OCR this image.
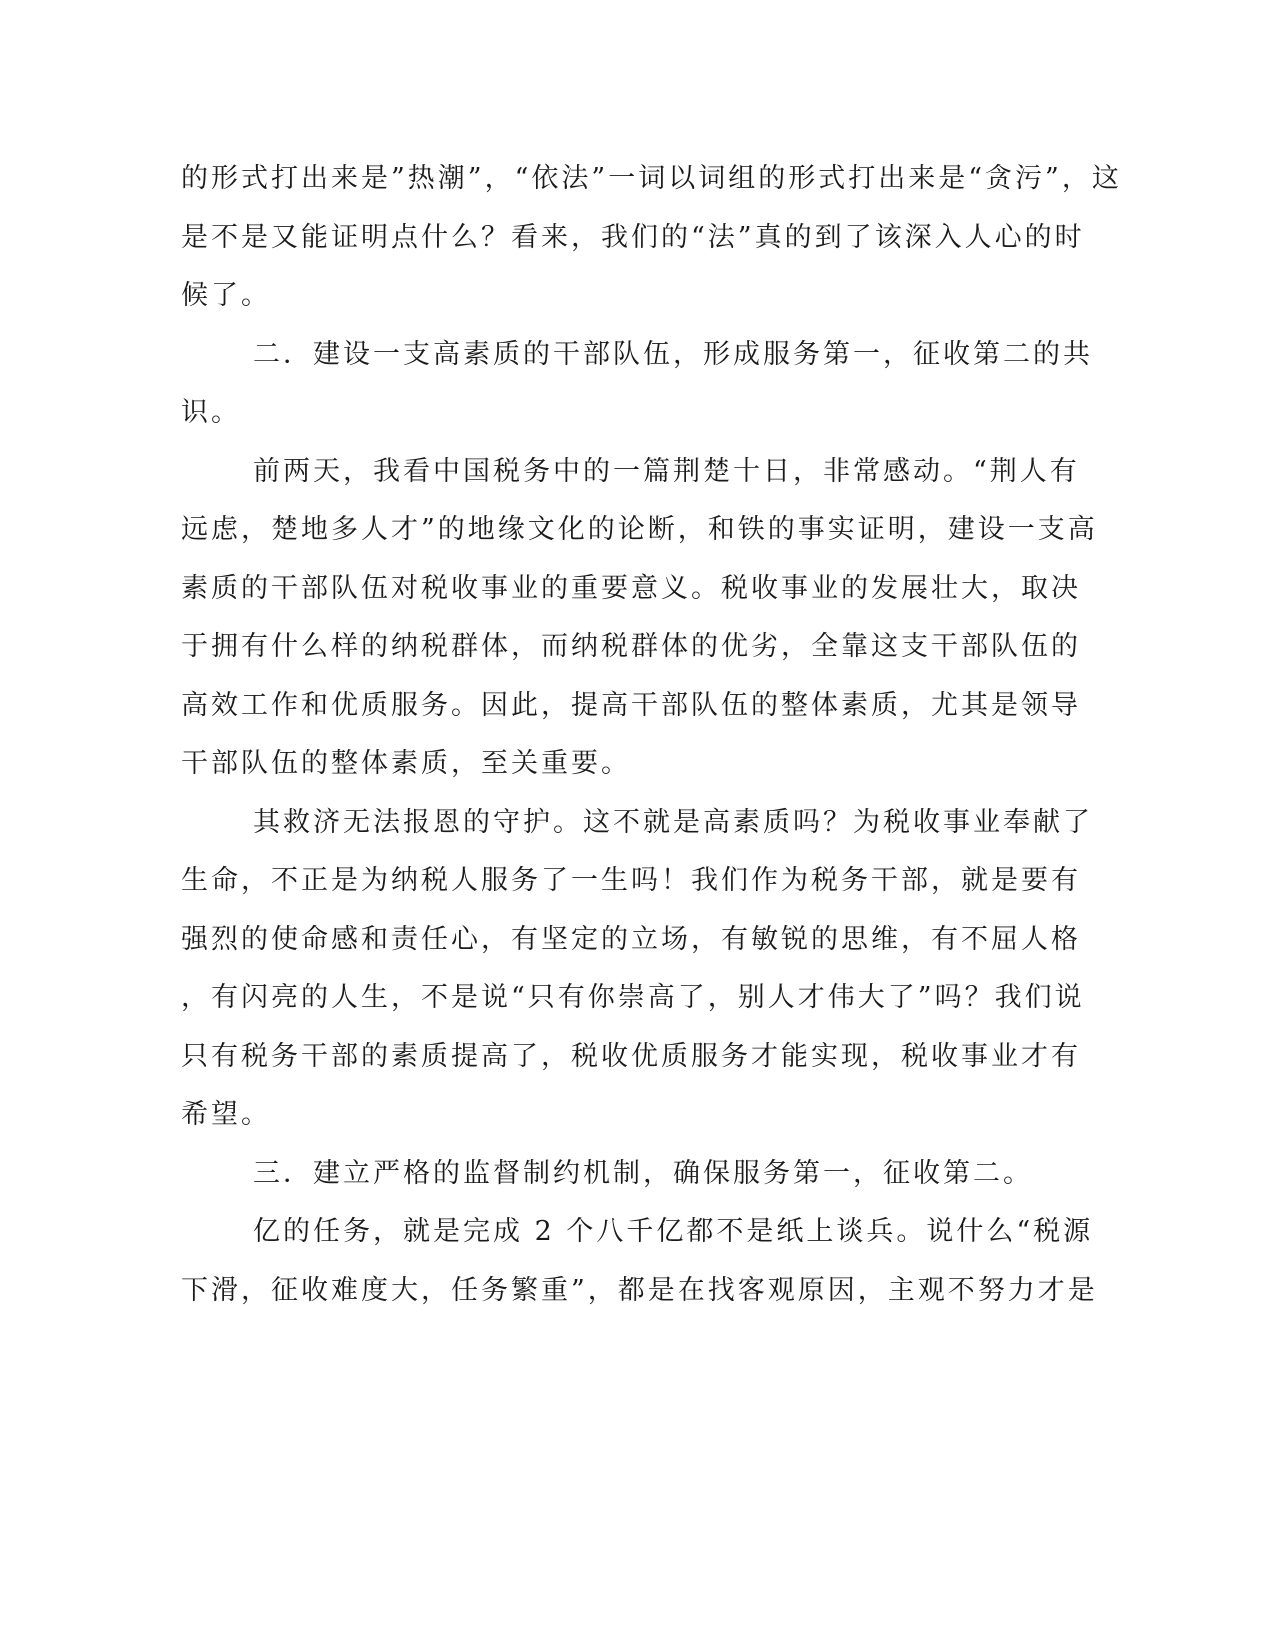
的形式打出来是”热潮”，“依法”一词以词组的形式打出来是“贪污”，这
是不是又能证明点什么？看来，我们的“法”真的到了该深入人心的时
候了。
二．建设一支高素质的干部队伍，形成服务第一，征收第二的共
识。
前两天，我看中国税务中的一篇荆楚十日，非常感动。“荆人有
远虑，楚地多人才”的地缘文化的论断，和铁的事实证明，建设一支高
素质的干部队伍对税收事业的重要意义。税收事业的发展壮大，取决
于拥有什么样的纳税群体，而纳税群体的优劣，全靠这支干部队伍的
高效工作和优质服务。因此，提高干部队伍的整体素质，尤其是领导
干部队伍的整体素质，至关重要。
其救济无法报恩的守护。这不就是高素质吗？为税收事业奉献了
生命，不正是为纳税人服务了一生吗！我们作为税务干部，就是要有
强烈的使命感和责任心，有坚定的立场，有敏锐的思维，有不屈人格
，有闪亮的人生，不是说“只有你崇高了，别人才伟大了”吗？我们说
只有税务干部的素质提高了，税收优质服务才能实现，税收事业才有
希望。
三．建立严格的监督制约机制，确保服务第一，征收第二。
亿的任务，就是完成 2 个八千亿都不是纸上谈兵。说什么“税源
下滑，征收难度大，任务繁重”，都是在找客观原因，主观不努力才是
